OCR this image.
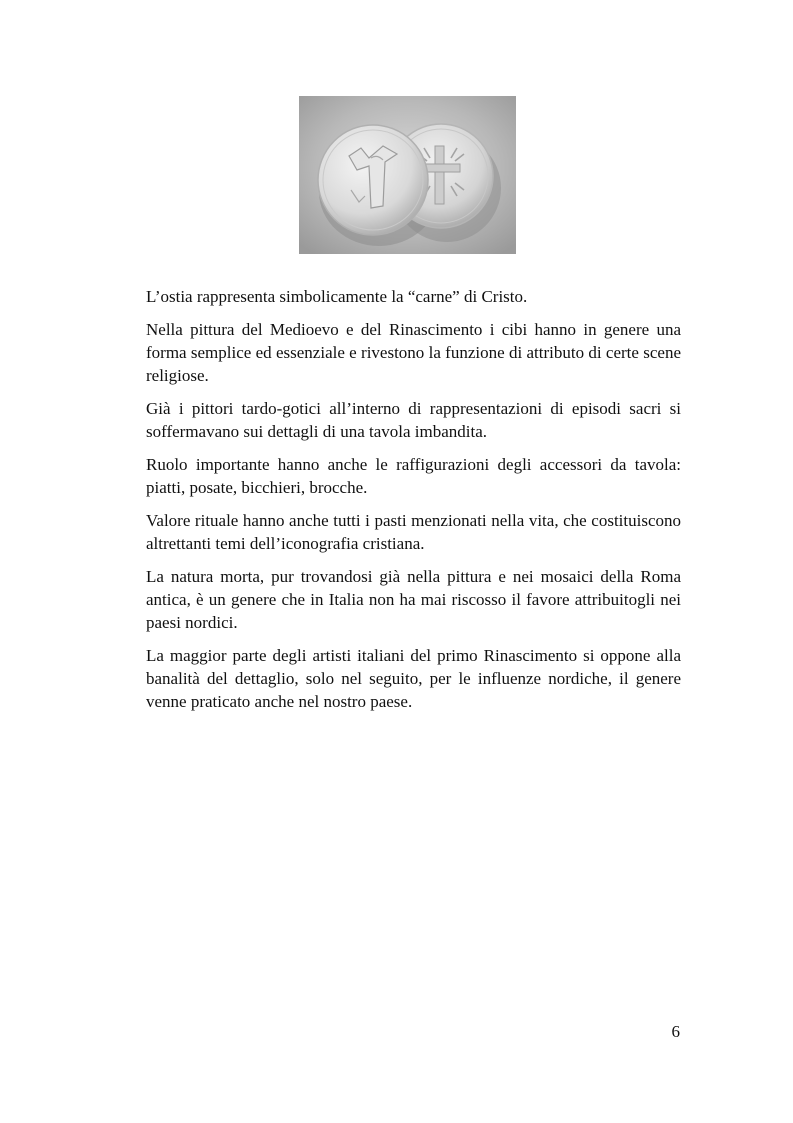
L’ostia rappresenta simbolicamente la “carne” di Cristo.

Nella pittura del Medioevo e del Rinascimento i cibi hanno in genere una forma semplice ed essenziale e rivestono la funzione di attributo di certe scene religiose.

Già i pittori tardo-gotici all’interno di rappresentazioni di episodi sacri si soffermavano sui dettagli di una tavola imbandita.

Ruolo importante hanno anche le raffigurazioni degli accessori da tavola: piatti, posate, bicchieri, brocche.

Valore rituale hanno anche tutti i pasti menzionati nella vita, che costituiscono altrettanti temi dell’iconografia cristiana.

La natura morta, pur trovandosi già nella pittura e nei mosaici della Roma antica, è un genere che in Italia non ha mai riscosso il favore attribuitogli nei paesi nordici.

La maggior parte degli artisti italiani del primo Rinascimento si oppone alla banalità del dettaglio, solo nel seguito, per le influenze nordiche, il genere venne praticato anche nel nostro paese.

6
